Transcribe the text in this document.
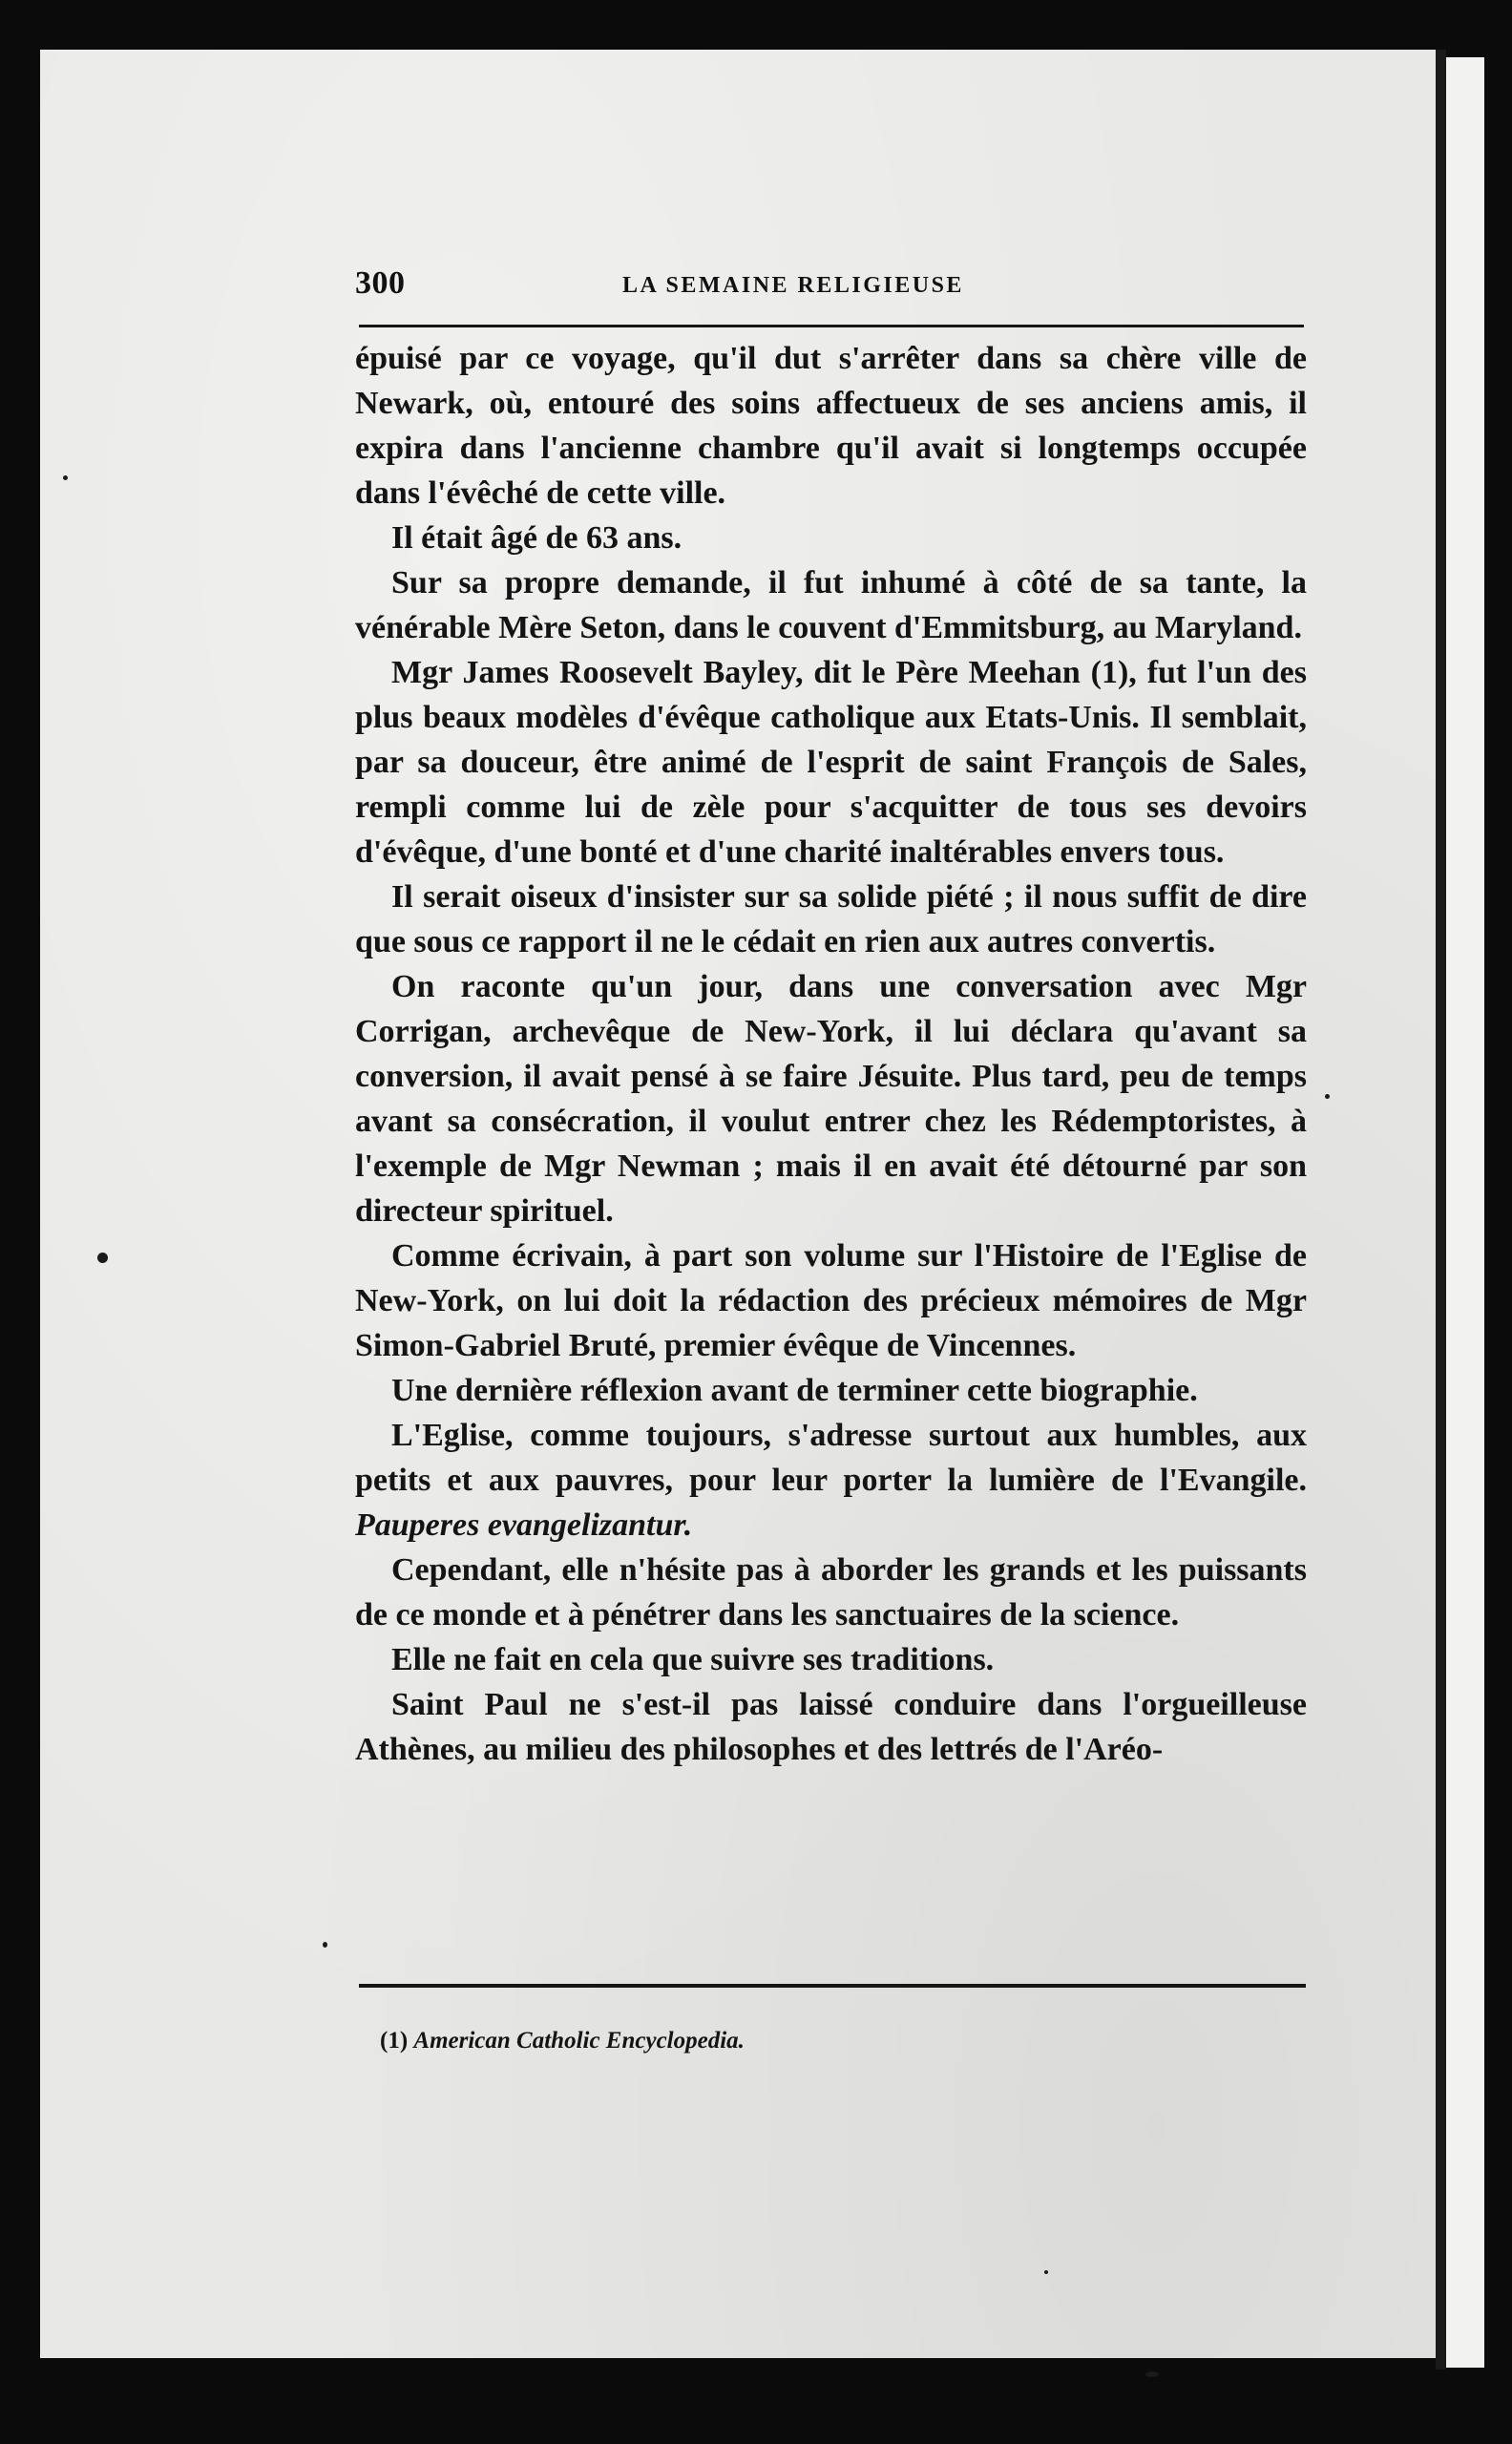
300	LA SEMAINE RELIGIEUSE

épuisé par ce voyage, qu'il dut s'arrêter dans sa chère ville de Newark, où, entouré des soins affectueux de ses anciens amis, il expira dans l'ancienne chambre qu'il avait si longtemps occupée dans l'évêché de cette ville.

Il était âgé de 63 ans.

Sur sa propre demande, il fut inhumé à côté de sa tante, la vénérable Mère Seton, dans le couvent d'Emmitsburg, au Maryland.

Mgr James Roosevelt Bayley, dit le Père Meehan (1), fut l'un des plus beaux modèles d'évêque catholique aux Etats-Unis. Il semblait, par sa douceur, être animé de l'esprit de saint François de Sales, rempli comme lui de zèle pour s'acquitter de tous ses devoirs d'évêque, d'une bonté et d'une charité inaltérables envers tous.

Il serait oiseux d'insister sur sa solide piété ; il nous suffit de dire que sous ce rapport il ne le cédait en rien aux autres convertis.

On raconte qu'un jour, dans une conversation avec Mgr Corrigan, archevêque de New-York, il lui déclara qu'avant sa conversion, il avait pensé à se faire Jésuite. Plus tard, peu de temps avant sa consécration, il voulut entrer chez les Rédemptoristes, à l'exemple de Mgr Newman ; mais il en avait été détourné par son directeur spirituel.

Comme écrivain, à part son volume sur l'Histoire de l'Eglise de New-York, on lui doit la rédaction des précieux mémoires de Mgr Simon-Gabriel Bruté, premier évêque de Vincennes.

Une dernière réflexion avant de terminer cette biographie.

L'Eglise, comme toujours, s'adresse surtout aux humbles, aux petits et aux pauvres, pour leur porter la lumière de l'Evangile. Pauperes evangelizantur.

Cependant, elle n'hésite pas à aborder les grands et les puissants de ce monde et à pénétrer dans les sanctuaires de la science.

Elle ne fait en cela que suivre ses traditions.

Saint Paul ne s'est-il pas laissé conduire dans l'orgueilleuse Athènes, au milieu des philosophes et des lettrés de l'Aréo-

(1) American Catholic Encyclopedia.
